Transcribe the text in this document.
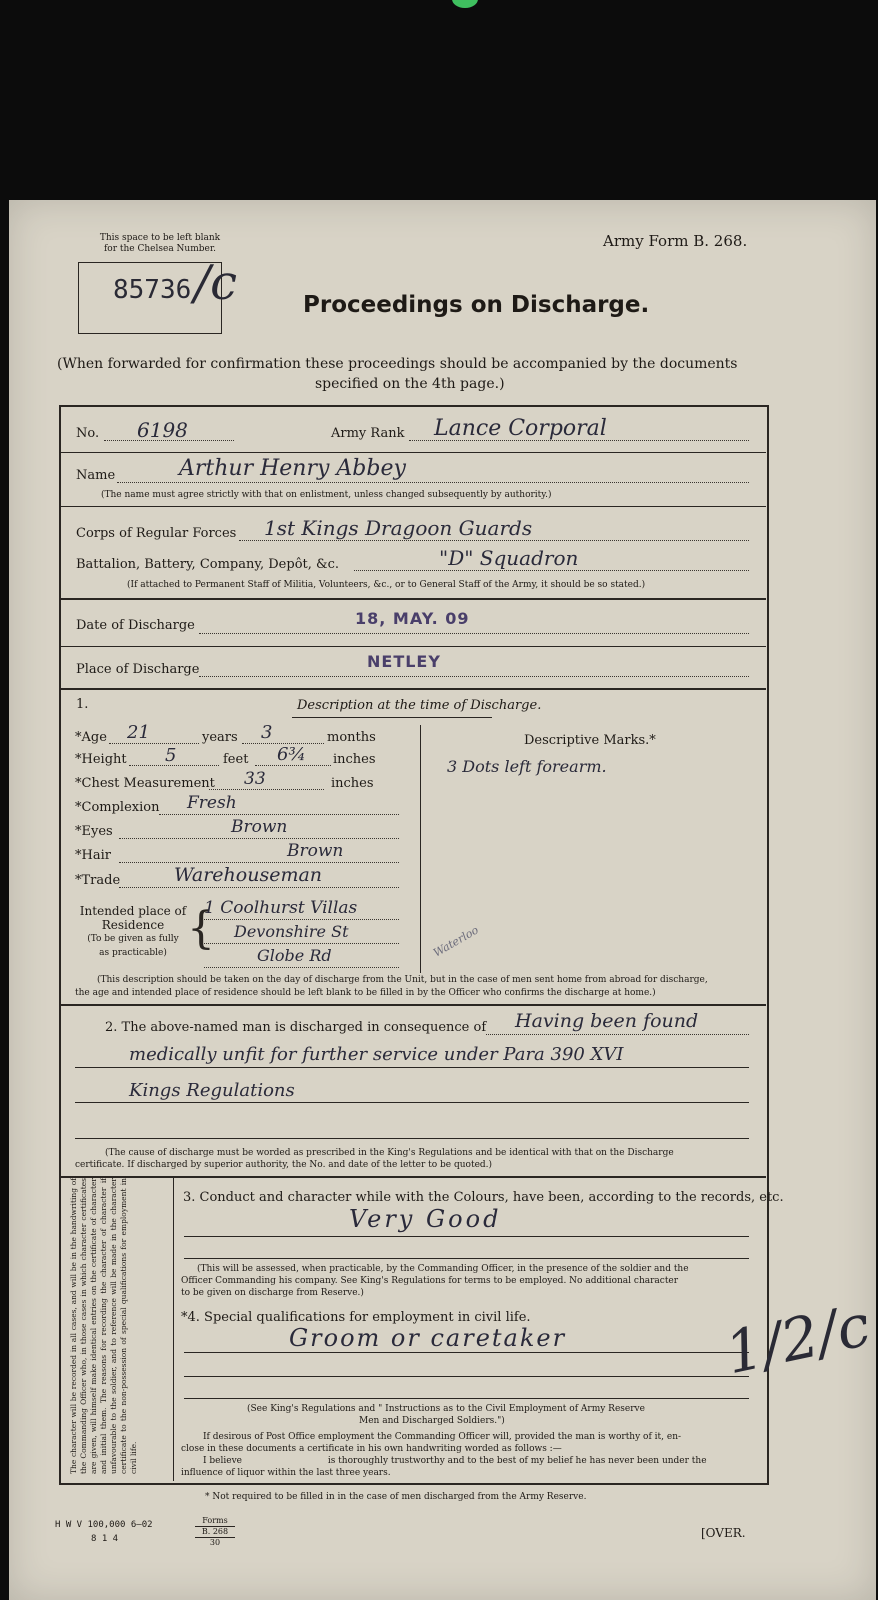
This space to be left blank
for the Chelsea Number.
85736 /c
Army Form B. 268.
Proceedings on Discharge.
(When forwarded for confirmation these proceedings should be accompanied by the documents
specified on the 4th page.)
No. 6198	Army Rank Lance Corporal
Name	Arthur Henry Abbey
(The name must agree strictly with that on enlistment, unless changed subsequently by authority.)
Corps of Regular Forces 1st Kings Dragoon Guards
Battalion, Battery, Company, Depôt, &c.	"D" Squadron
(If attached to Permanent Staff of Militia, Volunteers, &c., or to General Staff of the Army, it should be so stated.)
Date of Discharge	18, MAY. 09
Place of Discharge	NETLEY
1.	Description at the time of Discharge.
*Age 21	years 3	months
*Height 5	feet 6¾ inches
*Chest Measurement 33	inches
*Complexion Fresh
*Eyes	Brown
*Hair	Brown
*Trade	Warehouseman
Intended place of
Residence
(To be given as fully
as practicable) {
1 Coolhurst Villas
Devonshire St
Globe Rd
Descriptive Marks.*
3 Dots left forearm.
Waterloo
(This description should be taken on the day of discharge from the Unit, but in the case of men sent home from abroad for discharge,
the age and intended place of residence should be left blank to be filled in by the Officer who confirms the discharge at home.)
2. The above-named man is discharged in consequence of Having been found
medically unfit for further service under Para 390 XVI
Kings Regulations
(The cause of discharge must be worded as prescribed in the King's Regulations and be identical with that on the Discharge
certificate. If discharged by superior authority, the No. and date of the letter to be quoted.)
The character will be recorded in all cases, and will be in the handwriting of the Commanding Officer who, in those cases in which character certificates are given, will himself make identical entries on the certificate of character and initial them. The reasons for recording the character of character if unfavourable to the soldier, and to reference will be made in the character certificate to the non-possession of special qualifications for employment in civil life.
3. Conduct and character while with the Colours, have been, according to the records, etc.
Very Good
(This will be assessed, when practicable, by the Commanding Officer, in the presence of the soldier and the
Officer Commanding his company. See King's Regulations for terms to be employed. No additional character
to be given on discharge from Reserve.)
*4. Special qualifications for employment in civil life.
Groom or caretaker
(See King's Regulations and " Instructions as to the Civil Employment of Army Reserve
Men and Discharged Soldiers.")
If desirous of Post Office employment the Commanding Officer will, provided the man is worthy of it, en-
close in these documents a certificate in his own handwriting worded as follows :—
I believe                              is thoroughly trustworthy and to the best of my belief he has never been under the
influence of liquor within the last three years.
1/2/c
* Not required to be filled in in the case of men discharged from the Army Reserve.
H W V 100,000 6—02
8 1 4
Forms
B. 268
30
[OVER.
